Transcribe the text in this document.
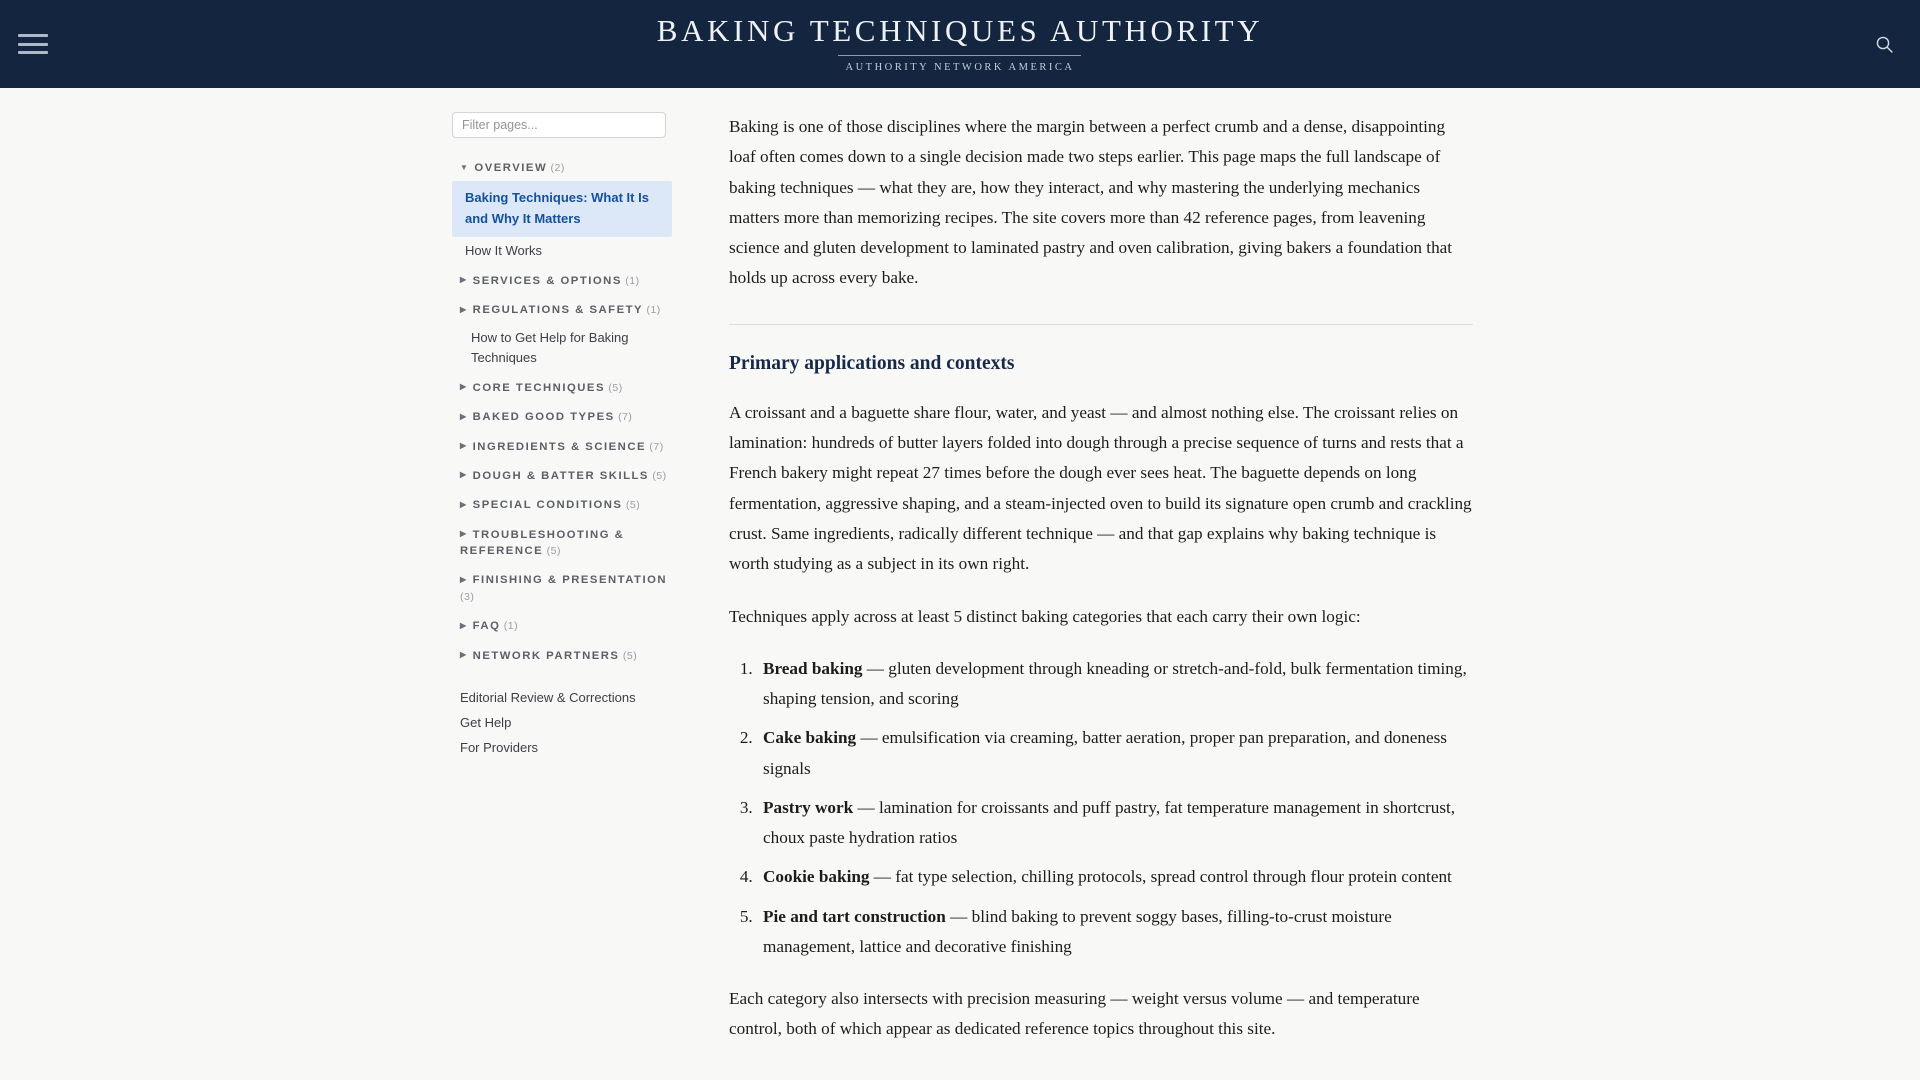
BAKING TECHNIQUES AUTHORITY
AUTHORITY NETWORK AMERICA
Filter pages...
▼ OVERVIEW (2)
Baking Techniques: What It Is and Why It Matters
How It Works
▶ SERVICES & OPTIONS (1)
▶ REGULATIONS & SAFETY (1)
How to Get Help for Baking Techniques
▶ CORE TECHNIQUES (5)
▶ BAKED GOOD TYPES (7)
▶ INGREDIENTS & SCIENCE (7)
▶ DOUGH & BATTER SKILLS (5)
▶ SPECIAL CONDITIONS (5)
▶ TROUBLESHOOTING & REFERENCE (5)
▶ FINISHING & PRESENTATION (3)
▶ FAQ (1)
▶ NETWORK PARTNERS (5)
Editorial Review & Corrections
Get Help
For Providers

Baking is one of those disciplines where the margin between a perfect crumb and a dense, disappointing loaf often comes down to a single decision made two steps earlier. This page maps the full landscape of baking techniques — what they are, how they interact, and why mastering the underlying mechanics matters more than memorizing recipes. The site covers more than 42 reference pages, from leavening science and gluten development to laminated pastry and oven calibration, giving bakers a foundation that holds up across every bake.

Primary applications and contexts

A croissant and a baguette share flour, water, and yeast — and almost nothing else. The croissant relies on lamination: hundreds of butter layers folded into dough through a precise sequence of turns and rests that a French bakery might repeat 27 times before the dough ever sees heat. The baguette depends on long fermentation, aggressive shaping, and a steam-injected oven to build its signature open crumb and crackling crust. Same ingredients, radically different technique — and that gap explains why baking technique is worth studying as a subject in its own right.

Techniques apply across at least 5 distinct baking categories that each carry their own logic:

1. Bread baking — gluten development through kneading or stretch-and-fold, bulk fermentation timing, shaping tension, and scoring
2. Cake baking — emulsification via creaming, batter aeration, proper pan preparation, and doneness signals
3. Pastry work — lamination for croissants and puff pastry, fat temperature management in shortcrust, choux paste hydration ratios
4. Cookie baking — fat type selection, chilling protocols, spread control through flour protein content
5. Pie and tart construction — blind baking to prevent soggy bases, filling-to-crust moisture management, lattice and decorative finishing

Each category also intersects with precision measuring — weight versus volume — and temperature control, both of which appear as dedicated reference topics throughout this site.
